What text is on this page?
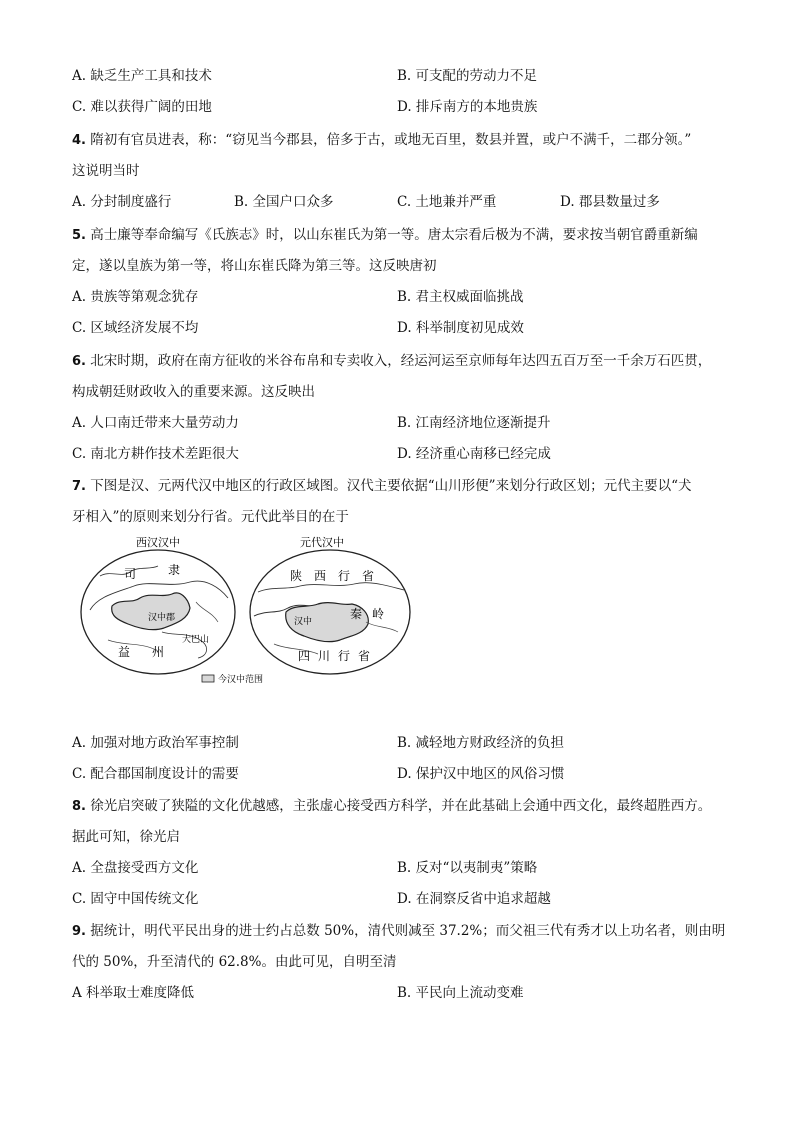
A. 缺乏生产工具和技术	B. 可支配的劳动力不足
C. 难以获得广阔的田地	D. 排斥南方的本地贵族
4. 隋初有官员进表，称：“窃见当今郡县，倍多于古，或地无百里，数县并置，或户不满千，二郡分领。”
这说明当时
A. 分封制度盛行	B. 全国户口众多	C. 土地兼并严重	D. 郡县数量过多
5. 高士廉等奉命编写《氏族志》时，以山东崔氏为第一等。唐太宗看后极为不满，要求按当朝官爵重新编
定，遂以皇族为第一等，将山东崔氏降为第三等。这反映唐初
A. 贵族等第观念犹存	B. 君主权威面临挑战
C. 区域经济发展不均	D. 科举制度初见成效
6. 北宋时期，政府在南方征收的米谷布帛和专卖收入，经运河运至京师每年达四五百万至一千余万石匹贯，
构成朝廷财政收入的重要来源。这反映出
A. 人口南迁带来大量劳动力	B. 江南经济地位逐渐提升
C. 南北方耕作技术差距很大	D. 经济重心南移已经完成
7. 下图是汉、元两代汉中地区的行政区域图。汉代主要依据“山川形便”来划分行政区划；元代主要以“犬
牙相入”的原则来划分行省。元代此举目的在于
西汉汉中
司	隶
汉中郡
益 州
大巴山
元代汉中
陕 西 行 省
秦 岭
汉中
四 川 行 省
今汉中范围
A. 加强对地方政治军事控制	B. 减轻地方财政经济的负担
C. 配合郡国制度设计的需要	D. 保护汉中地区的风俗习惯
8. 徐光启突破了狭隘的文化优越感，主张虚心接受西方科学，并在此基础上会通中西文化，最终超胜西方。
据此可知，徐光启
A. 全盘接受西方文化	B. 反对“以夷制夷”策略
C. 固守中国传统文化	D. 在洞察反省中追求超越
9. 据统计，明代平民出身的进士约占总数 50%，清代则减至 37.2%；而父祖三代有秀才以上功名者，则由明
代的 50%，升至清代的 62.8%。由此可见，自明至清
A 科举取士难度降低	B. 平民向上流动变难
